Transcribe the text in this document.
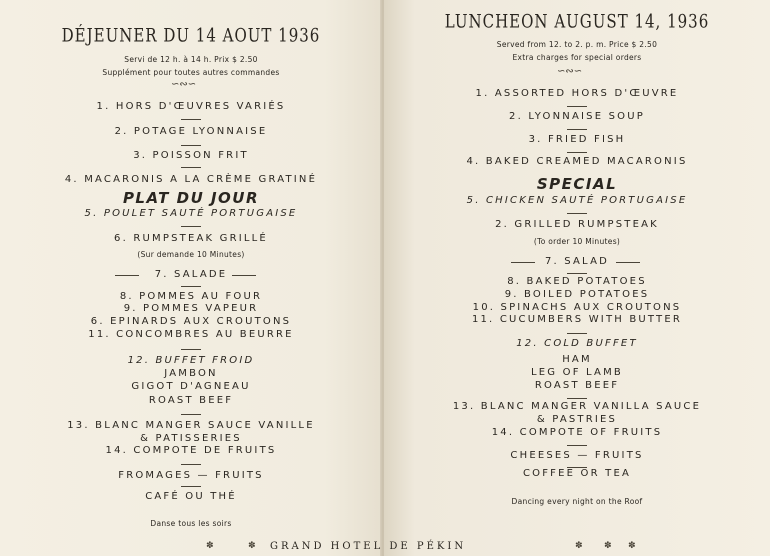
DÉJEUNER DU 14 AOUT 1936
Servi de 12 h. à 14 h. Prix $ 2.50
Supplément pour toutes autres commandes
∽∾∽
1. HORS D'ŒUVRES VARIÉS
2. POTAGE LYONNAISE
3. POISSON FRIT
4. MACARONIS A LA CRÈME GRATINÉ
PLAT DU JOUR
5. POULET SAUTÉ PORTUGAISE
6. RUMPSTEAK GRILLÉ
(Sur demande 10 Minutes)
7. SALADE
8. POMMES AU FOUR
9. POMMES VAPEUR
6. EPINARDS AUX CROUTONS
11. CONCOMBRES AU BEURRE
12. BUFFET FROID
JAMBON
GIGOT D'AGNEAU
ROAST BEEF
13. BLANC MANGER SAUCE VANILLE
& PATISSERIES
14. COMPOTE DE FRUITS
FROMAGES — FRUITS
CAFÉ OU THÉ
Danse tous les soirs
LUNCHEON AUGUST 14, 1936
Served from 12. to 2. p. m. Price $ 2.50
Extra charges for special orders
∽∾∽
1. ASSORTED HORS D'ŒUVRE
2. LYONNAISE SOUP
3. FRIED FISH
4. BAKED CREAMED MACARONIS
SPECIAL
5. CHICKEN SAUTÉ PORTUGAISE
2. GRILLED RUMPSTEAK
(To order 10 Minutes)
7. SALAD
8. BAKED POTATOES
9. BOILED POTATOES
10. SPINACHS AUX CROUTONS
11. CUCUMBERS WITH BUTTER
12. COLD BUFFET
HAM
LEG OF LAMB
ROAST BEEF
13. BLANC MANGER VANILLA SAUCE
& PASTRIES
14. COMPOTE OF FRUITS
CHEESES — FRUITS
COFFEE OR TEA
Dancing every night on the Roof
✽	✽ GRAND HOTEL DE PÉKIN	✽ ✽ ✽
